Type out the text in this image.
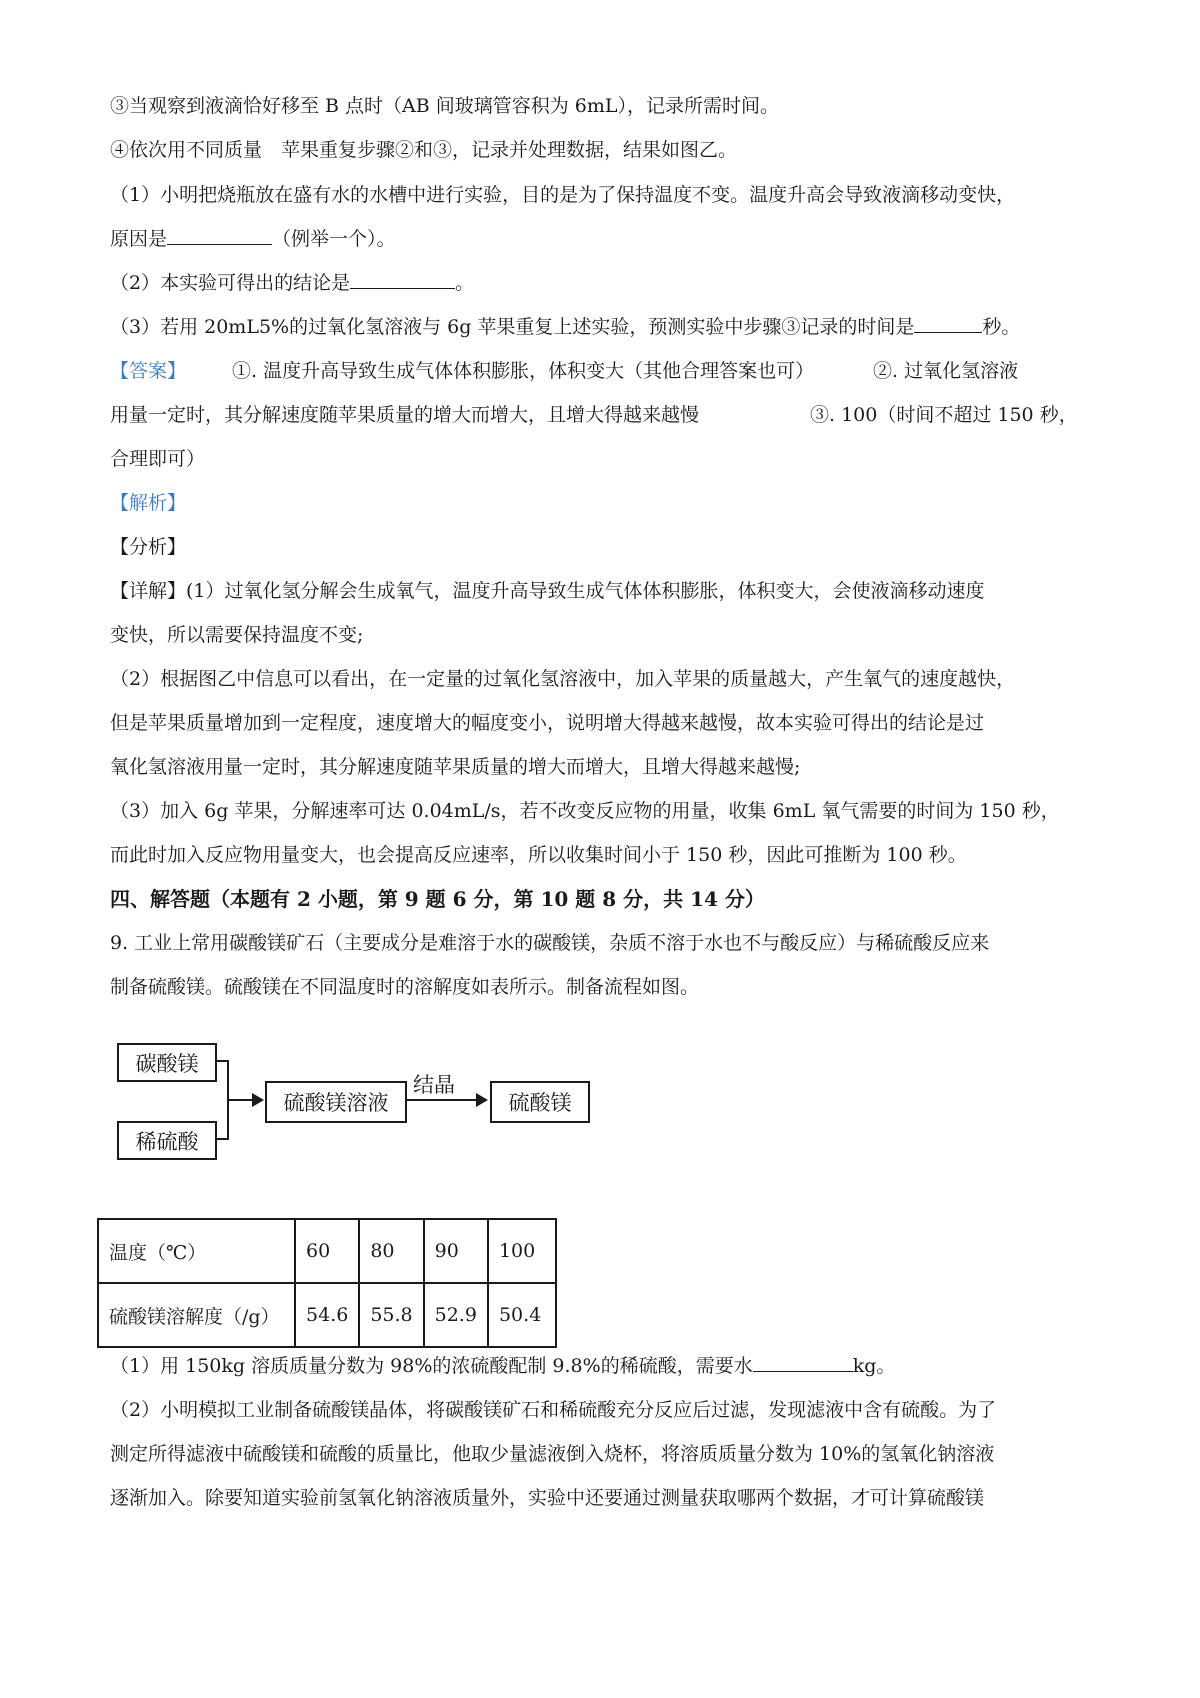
③当观察到液滴恰好移至 B 点时（AB 间玻璃管容积为 6mL），记录所需时间。
④依次用不同质量　苹果重复步骤②和③，记录并处理数据，结果如图乙。
（1）小明把烧瓶放在盛有水的水槽中进行实验，目的是为了保持温度不变。温度升高会导致液滴移动变快，
原因是	（例举一个）。
（2）本实验可得出的结论是	。
（3）若用 20mL5%的过氧化氢溶液与 6g 苹果重复上述实验，预测实验中步骤③记录的时间是	秒。
【答案】 ①. 温度升高导致生成气体体积膨胀，体积变大（其他合理答案也可）	②. 过氧化氢溶液
用量一定时，其分解速度随苹果质量的增大而增大，且增大得越来越慢	③. 100（时间不超过 150 秒，
合理即可）
【解析】
【分析】
【详解】(1）过氧化氢分解会生成氧气，温度升高导致生成气体体积膨胀，体积变大，会使液滴移动速度
变快，所以需要保持温度不变;
（2）根据图乙中信息可以看出，在一定量的过氧化氢溶液中，加入苹果的质量越大，产生氧气的速度越快，
但是苹果质量增加到一定程度，速度增大的幅度变小，说明增大得越来越慢，故本实验可得出的结论是过
氧化氢溶液用量一定时，其分解速度随苹果质量的增大而增大，且增大得越来越慢;
（3）加入 6g 苹果，分解速率可达 0.04mL/s，若不改变反应物的用量，收集 6mL 氧气需要的时间为 150 秒，
而此时加入反应物用量变大，也会提高反应速率，所以收集时间小于 150 秒，因此可推断为 100 秒。
四、解答题（本题有 2 小题，第 9 题 6 分，第 10 题 8 分，共 14 分）
9. 工业上常用碳酸镁矿石（主要成分是难溶于水的碳酸镁，杂质不溶于水也不与酸反应）与稀硫酸反应来
制备硫酸镁。硫酸镁在不同温度时的溶解度如表所示。制备流程如图。
碳酸镁
稀硫酸
硫酸镁溶液
结晶
硫酸镁
温度（℃）	60	80	90	100
硫酸镁溶解度（/g）	54.6	55.8	52.9	50.4
（1）用 150kg 溶质质量分数为 98%的浓硫酸配制 9.8%的稀硫酸，需要水	kg。
（2）小明模拟工业制备硫酸镁晶体，将碳酸镁矿石和稀硫酸充分反应后过滤，发现滤液中含有硫酸。为了
测定所得滤液中硫酸镁和硫酸的质量比，他取少量滤液倒入烧杯，将溶质质量分数为 10%的氢氧化钠溶液
逐渐加入。除要知道实验前氢氧化钠溶液质量外，实验中还要通过测量获取哪两个数据，才可计算硫酸镁
